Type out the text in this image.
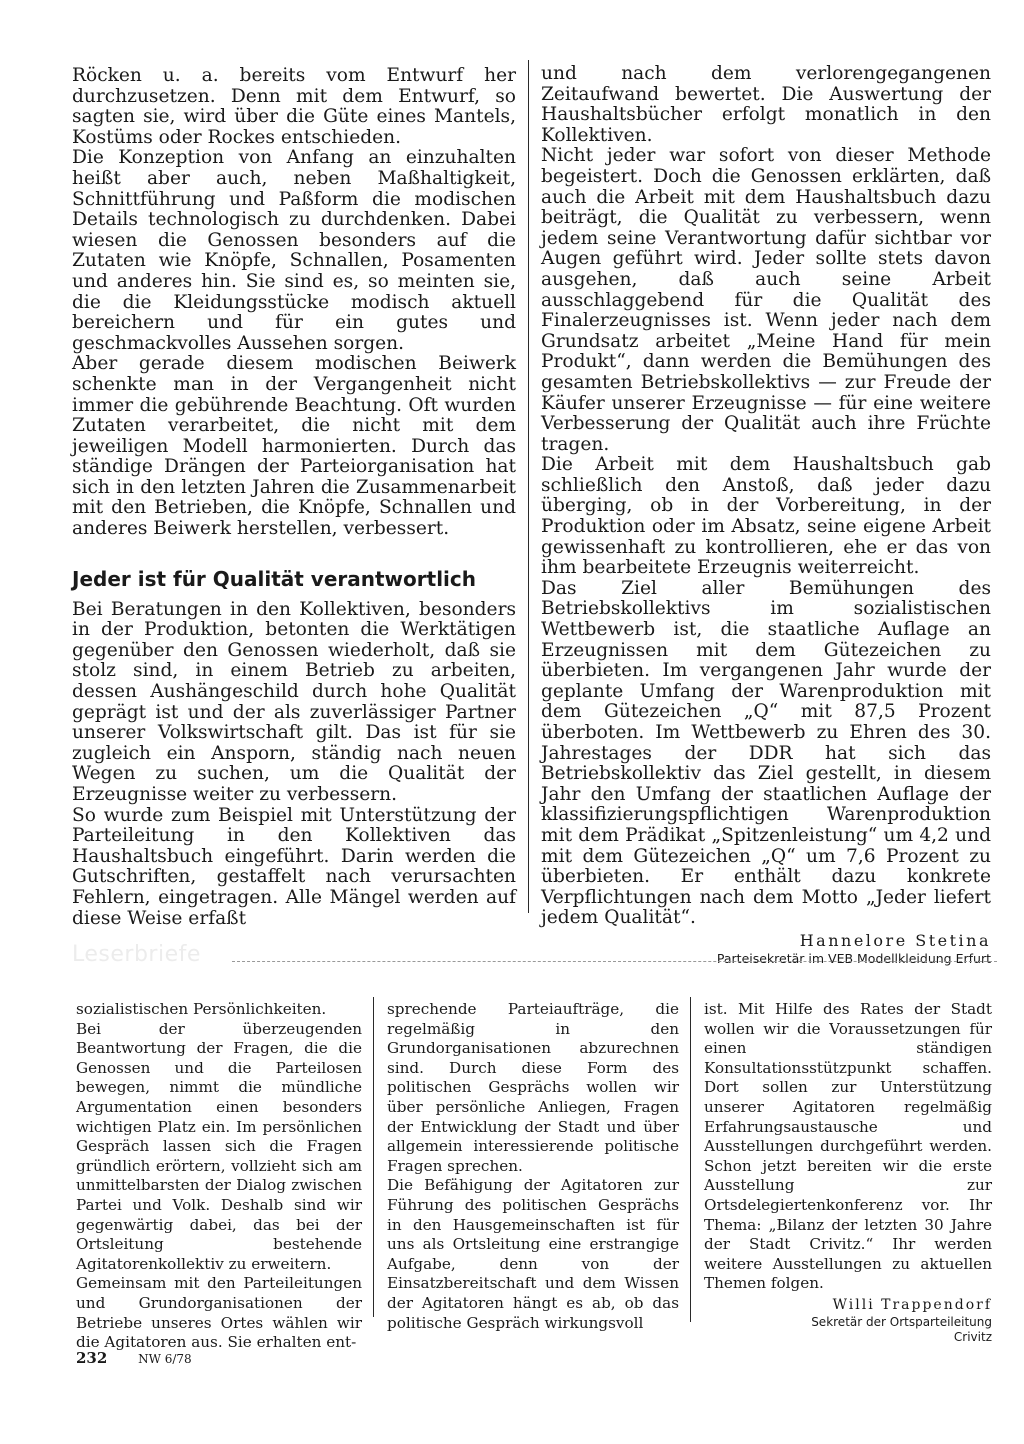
Röcken u. a. bereits vom Entwurf her durchzusetzen. Denn mit dem Entwurf, so sagten sie, wird über die Güte eines Mantels, Kostüms oder Rockes entschieden.

Die Konzeption von Anfang an einzuhalten heißt aber auch, neben Maßhaltigkeit, Schnittführung und Paßform die modischen Details technologisch zu durchdenken. Dabei wiesen die Genossen besonders auf die Zutaten wie Knöpfe, Schnallen, Posamenten und anderes hin. Sie sind es, so meinten sie, die die Kleidungsstücke modisch aktuell bereichern und für ein gutes und geschmackvolles Aussehen sorgen.

Aber gerade diesem modischen Beiwerk schenkte man in der Vergangenheit nicht immer die gebührende Beachtung. Oft wurden Zutaten verarbeitet, die nicht mit dem jeweiligen Modell harmonierten. Durch das ständige Drängen der Parteiorganisation hat sich in den letzten Jahren die Zusammenarbeit mit den Betrieben, die Knöpfe, Schnallen und anderes Beiwerk herstellen, verbessert.

Jeder ist für Qualität verantwortlich

Bei Beratungen in den Kollektiven, besonders in der Produktion, betonten die Werktätigen gegenüber den Genossen wiederholt, daß sie stolz sind, in einem Betrieb zu arbeiten, dessen Aushängeschild durch hohe Qualität geprägt ist und der als zuverlässiger Partner unserer Volkswirtschaft gilt. Das ist für sie zugleich ein Ansporn, ständig nach neuen Wegen zu suchen, um die Qualität der Erzeugnisse weiter zu verbessern.

So wurde zum Beispiel mit Unterstützung der Parteileitung in den Kollektiven das Haushaltsbuch eingeführt. Darin werden die Gutschriften, gestaffelt nach verursachten Fehlern, eingetragen. Alle Mängel werden auf diese Weise erfaßt

und nach dem verlorengegangenen Zeitaufwand bewertet. Die Auswertung der Haushaltsbücher erfolgt monatlich in den Kollektiven.

Nicht jeder war sofort von dieser Methode begeistert. Doch die Genossen erklärten, daß auch die Arbeit mit dem Haushaltsbuch dazu beiträgt, die Qualität zu verbessern, wenn jedem seine Verantwortung dafür sichtbar vor Augen geführt wird. Jeder sollte stets davon ausgehen, daß auch seine Arbeit ausschlaggebend für die Qualität des Finalerzeugnisses ist. Wenn jeder nach dem Grundsatz arbeitet „Meine Hand für mein Produkt“, dann werden die Bemühungen des gesamten Betriebskollektivs — zur Freude der Käufer unserer Erzeugnisse — für eine weitere Verbesserung der Qualität auch ihre Früchte tragen.

Die Arbeit mit dem Haushaltsbuch gab schließlich den Anstoß, daß jeder dazu überging, ob in der Vorbereitung, in der Produktion oder im Absatz, seine eigene Arbeit gewissenhaft zu kontrollieren, ehe er das von ihm bearbeitete Erzeugnis weiterreicht.

Das Ziel aller Bemühungen des Betriebskollektivs im sozialistischen Wettbewerb ist, die staatliche Auflage an Erzeugnissen mit dem Gütezeichen zu überbieten. Im vergangenen Jahr wurde der geplante Umfang der Warenproduktion mit dem Gütezeichen „Q“ mit 87,5 Prozent überboten. Im Wettbewerb zu Ehren des 30. Jahrestages der DDR hat sich das Betriebskollektiv das Ziel gestellt, in diesem Jahr den Umfang der staatlichen Auflage der klassifizierungspflichtigen Warenproduktion mit dem Prädikat „Spitzenleistung“ um 4,2 und mit dem Gütezeichen „Q“ um 7,6 Prozent zu überbieten. Er enthält dazu konkrete Verpflichtungen nach dem Motto „Jeder liefert jedem Qualität“.

Hannelore Stetina
Parteisekretär im VEB Modellkleidung Erfurt
Leserbriefe

sozialistischen Persönlichkeiten.

Bei der überzeugenden Beantwortung der Fragen, die die Genossen und die Parteilosen bewegen, nimmt die mündliche Argumentation einen besonders wichtigen Platz ein. Im persönlichen Gespräch lassen sich die Fragen gründlich erörtern, vollzieht sich am unmittelbarsten der Dialog zwischen Partei und Volk. Deshalb sind wir gegenwärtig dabei, das bei der Ortsleitung bestehende Agitatorenkollektiv zu erweitern.

Gemeinsam mit den Parteileitungen und Grundorganisationen der Betriebe unseres Ortes wählen wir die Agitatoren aus. Sie erhalten ent-

sprechende Parteiaufträge, die regelmäßig in den Grundorganisationen abzurechnen sind. Durch diese Form des politischen Gesprächs wollen wir über persönliche Anliegen, Fragen der Entwicklung der Stadt und über allgemein interessierende politische Fragen sprechen.

Die Befähigung der Agitatoren zur Führung des politischen Gesprächs in den Hausgemeinschaften ist für uns als Ortsleitung eine erstrangige Aufgabe, denn von der Einsatzbereitschaft und dem Wissen der Agitatoren hängt es ab, ob das politische Gespräch wirkungsvoll

ist. Mit Hilfe des Rates der Stadt wollen wir die Voraussetzungen für einen ständigen Konsultationsstützpunkt schaffen. Dort sollen zur Unterstützung unserer Agitatoren regelmäßig Erfahrungsaustausche und Ausstellungen durchgeführt werden. Schon jetzt bereiten wir die erste Ausstellung zur Ortsdelegiertenkonferenz vor. Ihr Thema: „Bilanz der letzten 30 Jahre der Stadt Crivitz.“ Ihr werden weitere Ausstellungen zu aktuellen Themen folgen.

Willi Trappendorf
Sekretär der Ortsparteileitung
Crivitz
232	NW 6/78
